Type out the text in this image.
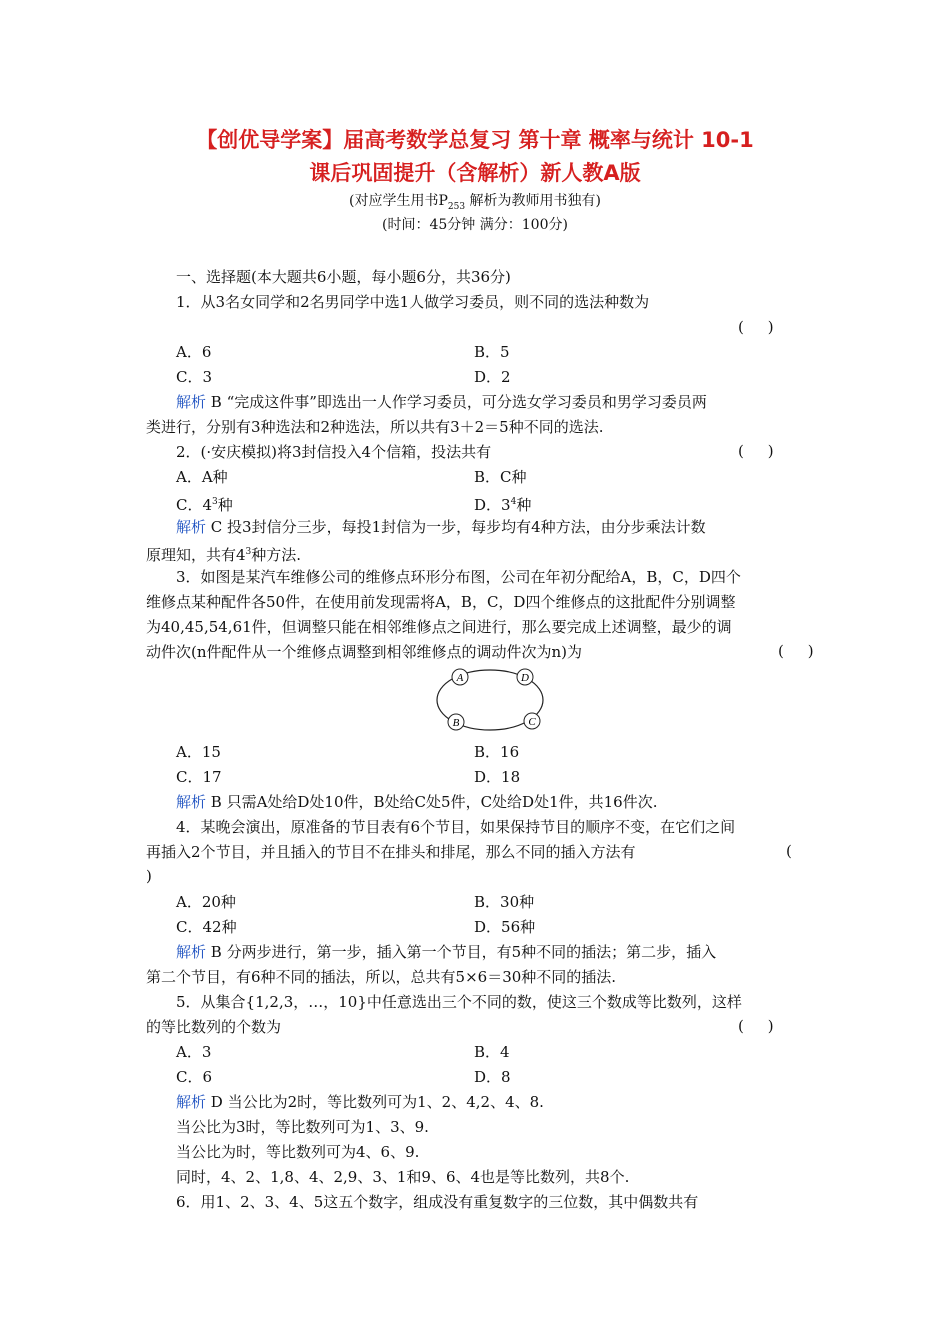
【创优导学案】届高考数学总复习 第十章 概率与统计 10-1
课后巩固提升（含解析）新人教A版
(对应学生用书$P_{253}$ 解析为教师用书独有)
(时间：45分钟 满分：100分)
一、选择题(本大题共6小题，每小题6分，共36分)
1．从3名女同学和2名男同学中选1人做学习委员，则不同的选法种数为
(     )
A．6	B．5
C．3	D．2
解析 B “完成这件事”即选出一人作学习委员，可分选女学习委员和男学习委员两
类进行，分别有3种选法和2种选法，所以共有3＋2＝5种不同的选法.
2．(·安庆模拟)将3封信投入4个信箱，投法共有	(     )
A．A种	B．C种
C．$4^3$种	D．$3^4$种
解析 C 投3封信分三步，每投1封信为一步，每步均有4种方法，由分步乘法计数
原理知，共有$4^3$种方法.
3．如图是某汽车维修公司的维修点环形分布图，公司在年初分配给A，B，C，D四个
维修点某种配件各50件，在使用前发现需将A，B，C，D四个维修点的这批配件分别调整
为40,45,54,61件，但调整只能在相邻维修点之间进行，那么要完成上述调整，最少的调
动件次(n件配件从一个维修点调整到相邻维修点的调动件次为n)为	(     )
A	D
B	C
A．15	B．16
C．17	D．18
解析 B 只需A处给D处10件，B处给C处5件，C处给D处1件，共16件次.
4．某晚会演出，原准备的节目表有6个节目，如果保持节目的顺序不变，在它们之间
再插入2个节目，并且插入的节目不在排头和排尾，那么不同的插入方法有	(
)
A．20种	B．30种
C．42种	D．56种
解析 B 分两步进行，第一步，插入第一个节目，有5种不同的插法；第二步，插入
第二个节目，有6种不同的插法，所以，总共有5×6＝30种不同的插法.
5．从集合{1,2,3，…，10}中任意选出三个不同的数，使这三个数成等比数列，这样
的等比数列的个数为	(     )
A．3	B．4
C．6	D．8
解析 D 当公比为2时，等比数列可为1、2、4,2、4、8.
当公比为3时，等比数列可为1、3、9.
当公比为时，等比数列可为4、6、9.
同时，4、2、1,8、4、2,9、3、1和9、6、4也是等比数列，共8个.
6．用1、2、3、4、5这五个数字，组成没有重复数字的三位数，其中偶数共有
